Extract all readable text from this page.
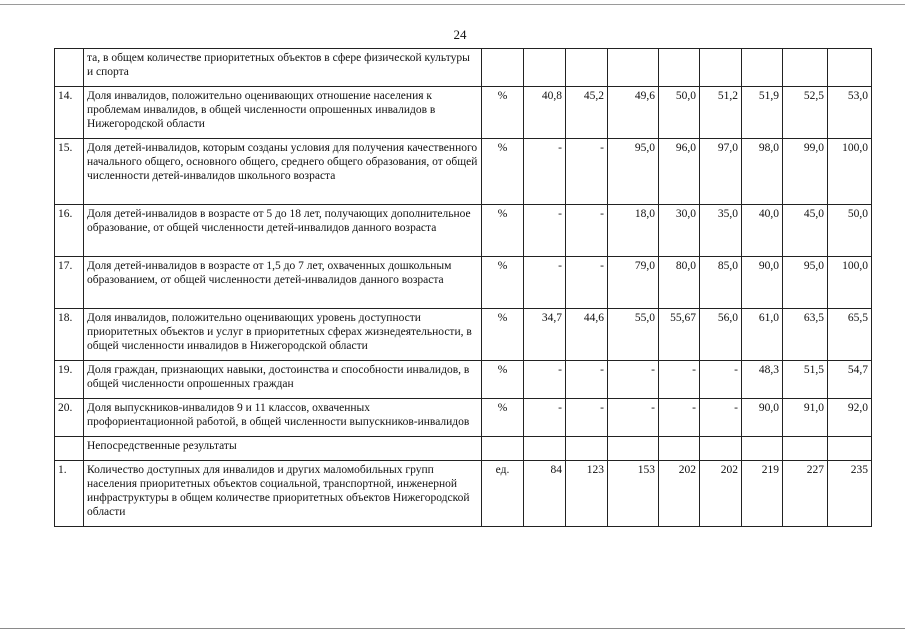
24
	та, в общем количестве приоритетных объектов в сфере физической культуры и спорта									
14.	Доля инвалидов, положительно оценивающих отношение населения к проблемам инвалидов, в общей численности опрошенных инвалидов в Нижегородской области	%	40,8	45,2	49,6	50,0	51,2	51,9	52,5	53,0
15.	Доля детей-инвалидов, которым созданы условия для получения качественного начального общего, основного общего, среднего общего образования, от общей численности детей-инвалидов школьного возраста	%	-	-	95,0	96,0	97,0	98,0	99,0	100,0
16.	Доля детей-инвалидов в возрасте от 5 до 18 лет, получающих дополнительное образование, от общей численности детей-инвалидов данного возраста	%	-	-	18,0	30,0	35,0	40,0	45,0	50,0
17.	Доля детей-инвалидов в возрасте от 1,5 до 7 лет, охваченных дошкольным образованием, от общей численности детей-инвалидов данного возраста	%	-	-	79,0	80,0	85,0	90,0	95,0	100,0
18.	Доля инвалидов, положительно оценивающих уровень доступности приоритетных объектов и услуг в приоритетных сферах жизнедеятельности, в общей численности инвалидов в Нижегородской области	%	34,7	44,6	55,0	55,67	56,0	61,0	63,5	65,5
19.	Доля граждан, признающих навыки, достоинства и способности инвалидов, в общей численности опрошенных граждан	%	-	-	-	-	-	48,3	51,5	54,7
20.	Доля выпускников-инвалидов 9 и 11 классов, охваченных профориентационной работой, в общей численности выпускников-инвалидов	%	-	-	-	-	-	90,0	91,0	92,0
	Непосредственные результаты									
1.	Количество доступных для инвалидов и других маломобильных групп населения приоритетных объектов социальной, транспортной, инженерной инфраструктуры в общем количестве приоритетных объектов Нижегородской области	ед.	84	123	153	202	202	219	227	235
